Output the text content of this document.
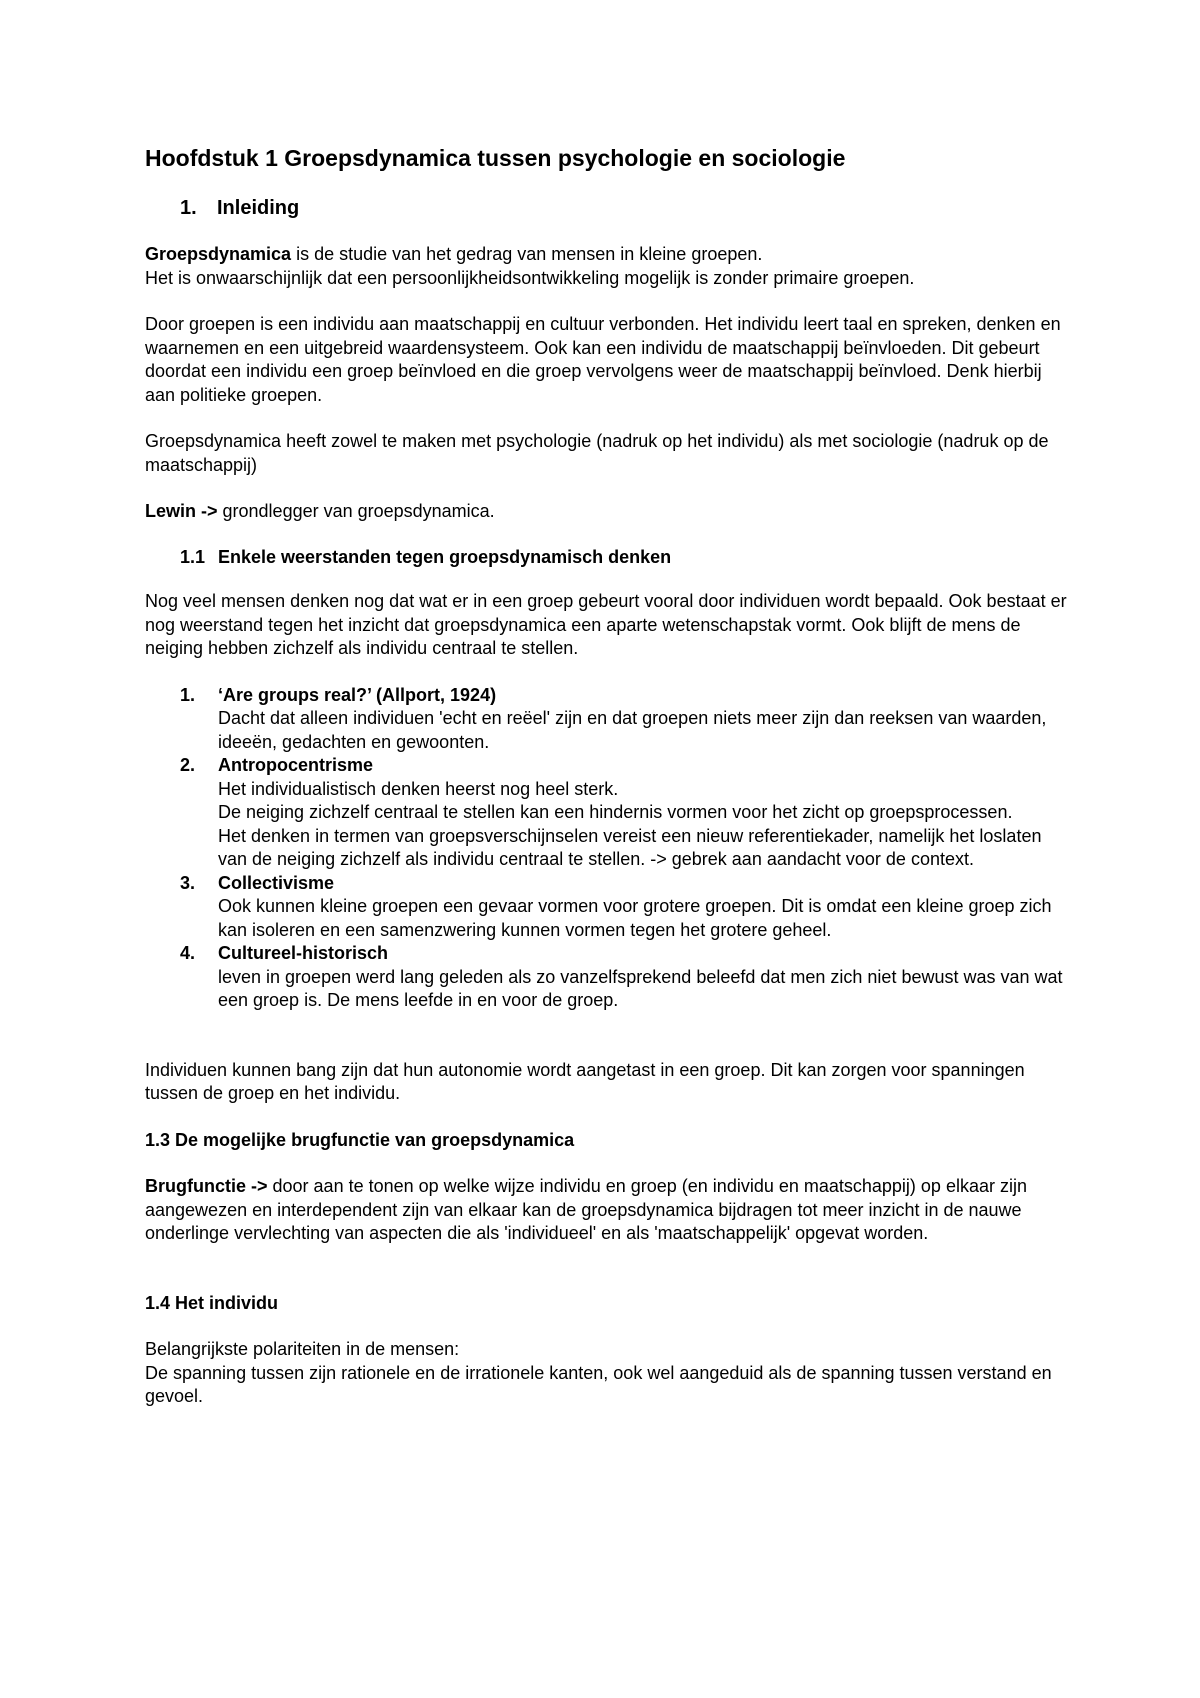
Hoofdstuk 1 Groepsdynamica tussen psychologie en sociologie
1.	Inleiding

Groepsdynamica is de studie van het gedrag van mensen in kleine groepen.

Het is onwaarschijnlijk dat een persoonlijkheidsontwikkeling mogelijk is zonder primaire groepen.

Door groepen is een individu aan maatschappij en cultuur verbonden. Het individu leert taal en spreken, denken en waarnemen en een uitgebreid waardensysteem. Ook kan een individu de maatschappij beïnvloeden. Dit gebeurt doordat een individu een groep beïnvloed en die groep vervolgens weer de maatschappij beïnvloed. Denk hierbij aan politieke groepen.

Groepsdynamica heeft zowel te maken met psychologie (nadruk op het individu) als met sociologie (nadruk op de maatschappij)

Lewin -> grondlegger van groepsdynamica.

1.1 Enkele weerstanden tegen groepsdynamisch denken

Nog veel mensen denken nog dat wat er in een groep gebeurt vooral door individuen wordt bepaald. Ook bestaat er nog weerstand tegen het inzicht dat groepsdynamica een aparte wetenschapstak vormt. Ook blijft de mens de neiging hebben zichzelf als individu centraal te stellen.

1.	‘Are groups real?’ (Allport, 1924)
Dacht dat alleen individuen 'echt en reëel' zijn en dat groepen niets meer zijn dan reeksen van waarden, ideeën, gedachten en gewoonten.
2.	Antropocentrisme
Het individualistisch denken heerst nog heel sterk.
De neiging zichzelf centraal te stellen kan een hindernis vormen voor het zicht op groepsprocessen.
Het denken in termen van groepsverschijnselen vereist een nieuw referentiekader, namelijk het loslaten van de neiging zichzelf als individu centraal te stellen. -> gebrek aan aandacht voor de context.
3.	Collectivisme
Ook kunnen kleine groepen een gevaar vormen voor grotere groepen. Dit is omdat een kleine groep zich kan isoleren en een samenzwering kunnen vormen tegen het grotere geheel.
4.	Cultureel-historisch
leven in groepen werd lang geleden als zo vanzelfsprekend beleefd dat men zich niet bewust was van wat een groep is. De mens leefde in en voor de groep.

Individuen kunnen bang zijn dat hun autonomie wordt aangetast in een groep. Dit kan zorgen voor spanningen tussen de groep en het individu.

1.3 De mogelijke brugfunctie van groepsdynamica

Brugfunctie -> door aan te tonen op welke wijze individu en groep (en individu en maatschappij) op elkaar zijn aangewezen en interdependent zijn van elkaar kan de groepsdynamica bijdragen tot meer inzicht in de nauwe onderlinge vervlechting van aspecten die als 'individueel' en als 'maatschappelijk' opgevat worden.

1.4 Het individu

Belangrijkste polariteiten in de mensen:

De spanning tussen zijn rationele en de irrationele kanten, ook wel aangeduid als de spanning tussen verstand en gevoel.
